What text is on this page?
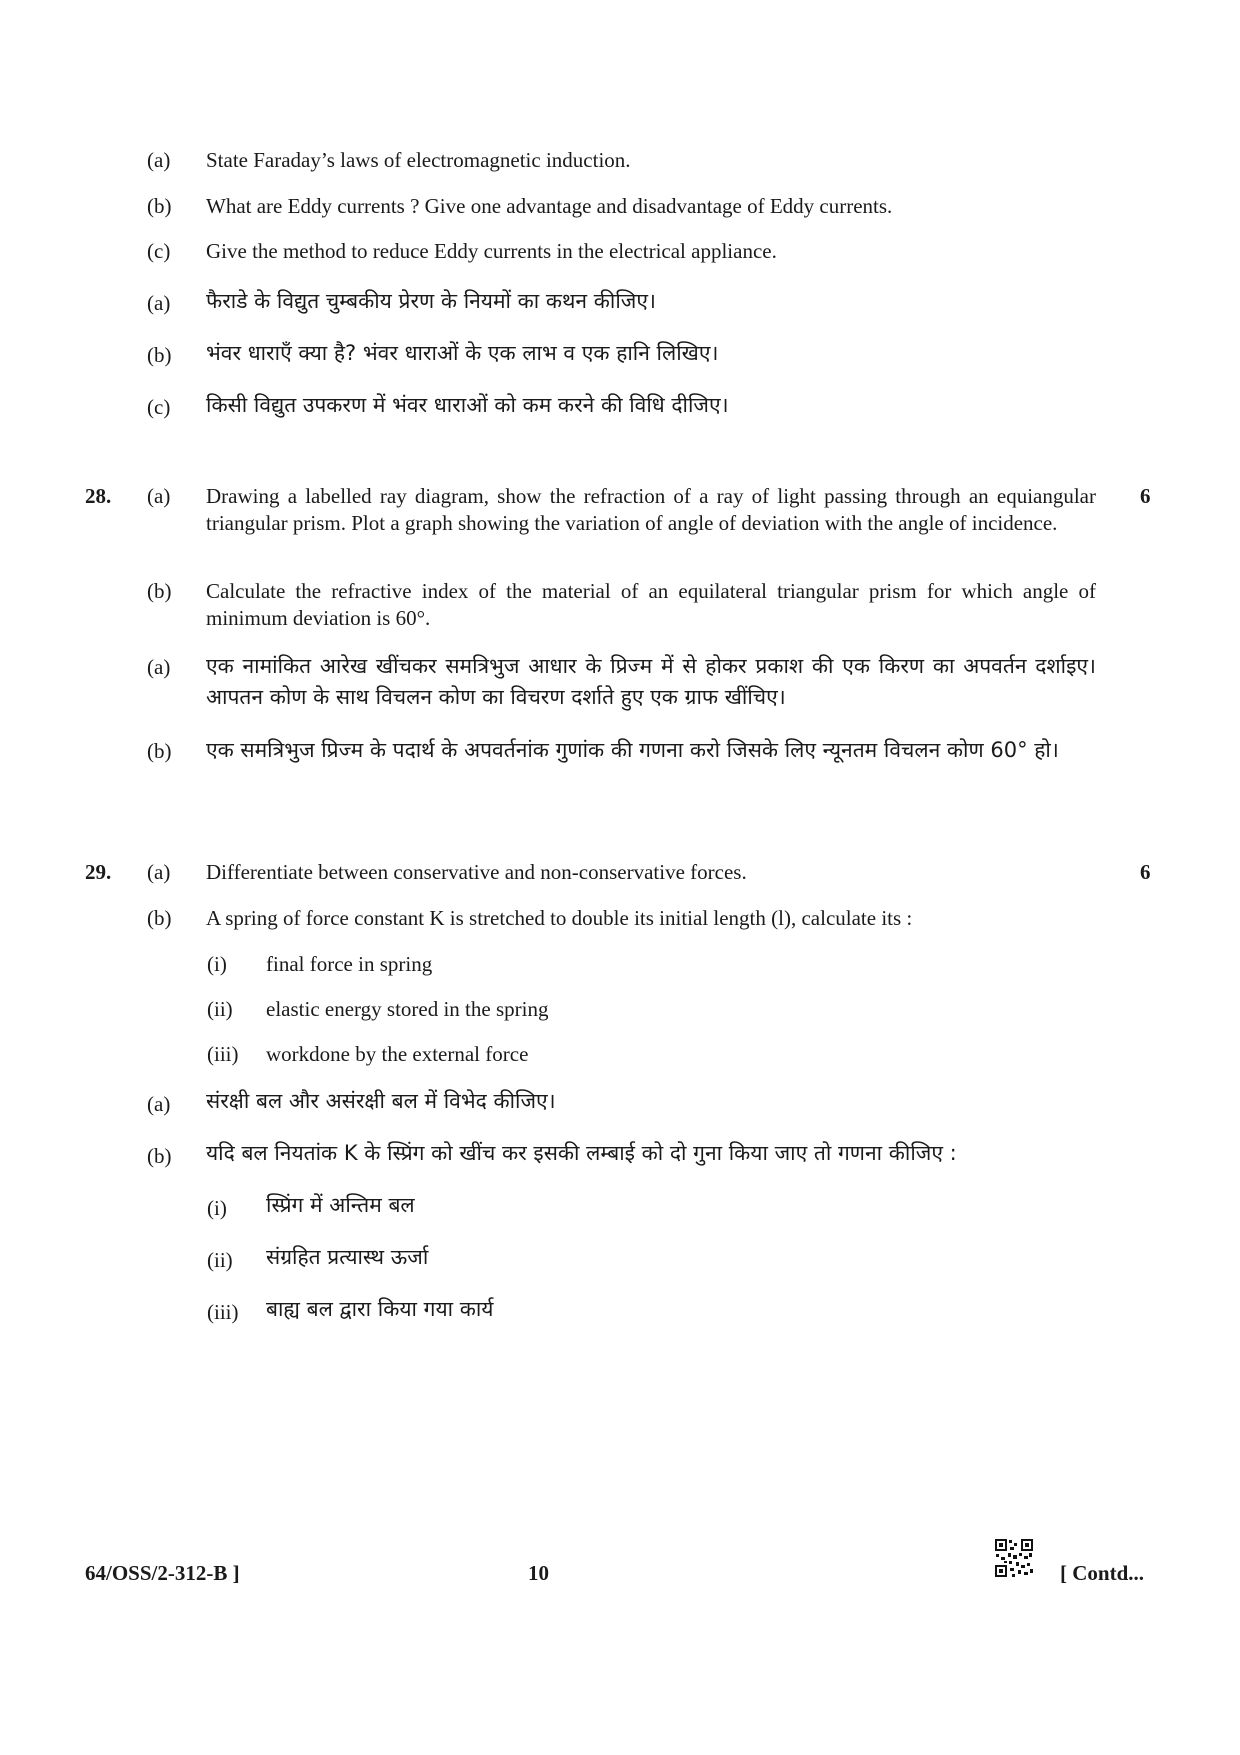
(a) State Faraday’s laws of electromagnetic induction.
(b) What are Eddy currents ? Give one advantage and disadvantage of Eddy currents.
(c) Give the method to reduce Eddy currents in the electrical appliance.
(a) फैराडे के विद्युत चुम्बकीय प्रेरण के नियमों का कथन कीजिए।
(b) भंवर धाराएँ क्या है? भंवर धाराओं के एक लाभ व एक हानि लिखिए।
(c) किसी विद्युत उपकरण में भंवर धाराओं को कम करने की विधि दीजिए।
28.	6
(a) Drawing a labelled ray diagram, show the refraction of a ray of light passing through an equiangular triangular prism. Plot a graph showing the variation of angle of deviation with the angle of incidence.
(b) Calculate the refractive index of the material of an equilateral triangular prism for which angle of minimum deviation is 60°.
(a) एक नामांकित आरेख खींचकर समत्रिभुज आधार के प्रिज्म में से होकर प्रकाश की एक किरण का अपवर्तन दर्शाइए। आपतन कोण के साथ विचलन कोण का विचरण दर्शाते हुए एक ग्राफ खींचिए।
(b) एक समत्रिभुज प्रिज्म के पदार्थ के अपवर्तनांक गुणांक की गणना करो जिसके लिए न्यूनतम विचलन कोण 60° हो।
29.	6
(a) Differentiate between conservative and non-conservative forces.
(b) A spring of force constant K is stretched to double its initial length (l), calculate its :
(i) final force in spring
(ii) elastic energy stored in the spring
(iii) workdone by the external force
(a) संरक्षी बल और असंरक्षी बल में विभेद कीजिए।
(b) यदि बल नियतांक K के स्प्रिंग को खींच कर इसकी लम्बाई को दो गुना किया जाए तो गणना कीजिए :
(i) स्प्रिंग में अन्तिम बल
(ii) संग्रहित प्रत्यास्थ ऊर्जा
(iii) बाह्य बल द्वारा किया गया कार्य
64/OSS/2-312-B ]	10	[ Contd...
